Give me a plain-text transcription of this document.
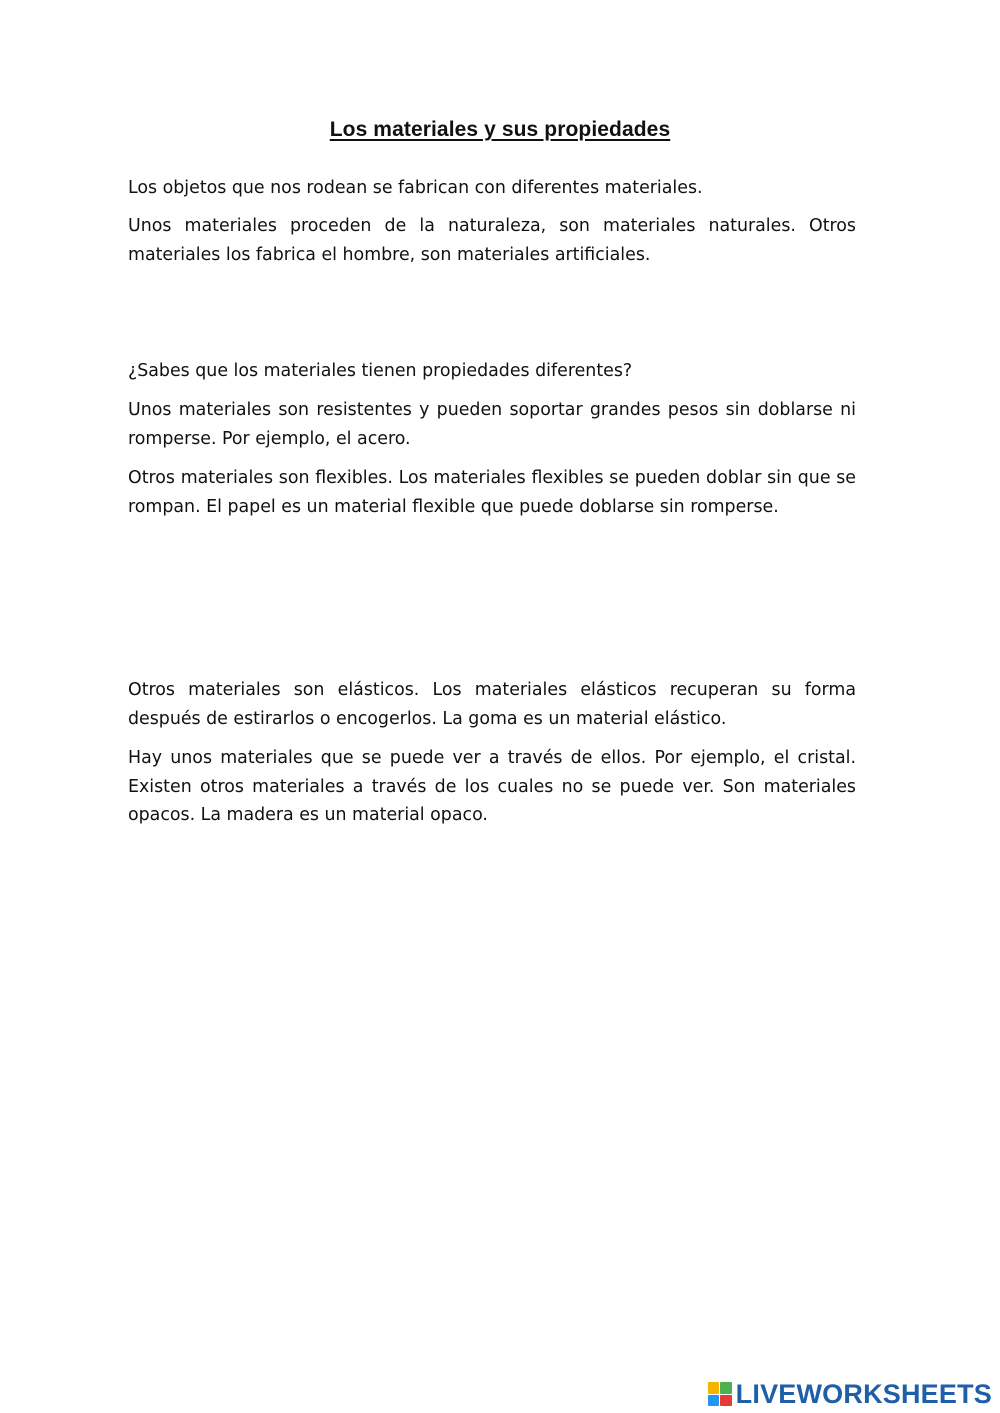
Los materiales y sus propiedades

Los objetos que nos rodean se fabrican con diferentes materiales.

Unos materiales proceden de la naturaleza, son materiales naturales. Otros materiales los fabrica el hombre, son materiales artificiales.

¿Sabes que los materiales tienen propiedades diferentes?

Unos materiales son resistentes y pueden soportar grandes pesos sin doblarse ni romperse. Por ejemplo, el acero.

Otros materiales son flexibles. Los materiales flexibles se pueden doblar sin que se rompan. El papel es un material flexible que puede doblarse sin romperse.

Otros materiales son elásticos. Los materiales elásticos recuperan su forma después de estirarlos o encogerlos. La goma es un material elástico.

Hay unos materiales que se puede ver a través de ellos. Por ejemplo, el cristal. Existen otros materiales a través de los cuales no se puede ver. Son materiales opacos. La madera es un material opaco.

LIVEWORKSHEETS
